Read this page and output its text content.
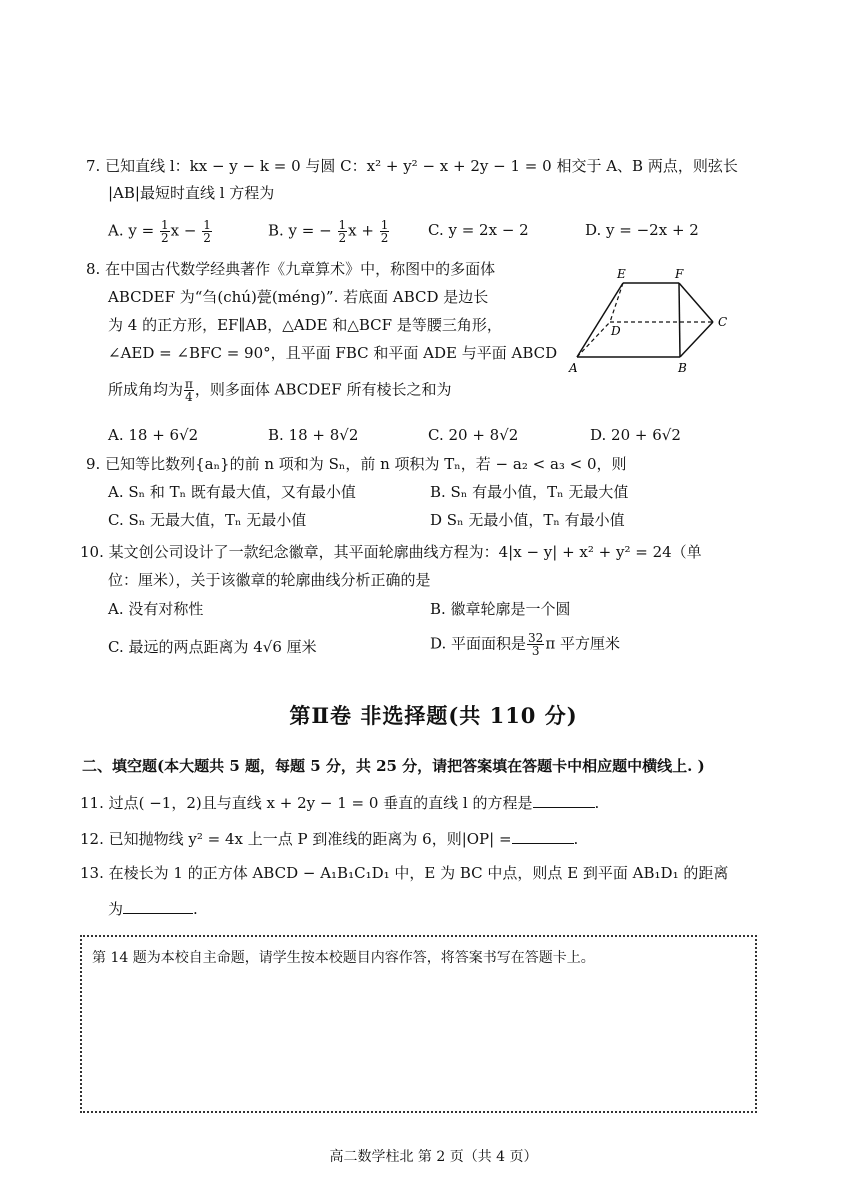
7. 已知直线 l：kx − y − k = 0 与圆 C：x² + y² − x + 2y − 1 = 0 相交于 A、B 两点，则弦长
|AB|最短时直线 l 方程为
A. $y = \frac{1}{2}$ $x - \frac{1}{2}$	B. y = − $\frac{1}{2}$ $x + \frac{1}{2}$	C. y = 2x − 2	D. y = −2x + 2
8. 在中国古代数学经典著作《九章算术》中，称图中的多面体
ABCDEF 为“刍(chú)甍(méng)”. 若底面 ABCD 是边长
为 4 的正方形，EF∥AB，△ADE 和△BCF 是等腰三角形，
∠AED = ∠BFC = 90°，且平面 FBC 和平面 ADE 与平面 ABCD
所成角均为 $\frac{\pi}{4}$ ，则多面体 ABCDEF 所有棱长之和为
E	F
D
C
A	B
A. 18 + 6√2	B. 18 + 8√2	C. 20 + 8√2	D. 20 + 6√2
9. 已知等比数列{aₙ}的前 n 项和为 Sₙ，前 n 项积为 Tₙ，若 − a₂ < a₃ < 0，则
A. Sₙ 和 Tₙ 既有最大值，又有最小值	B. Sₙ 有最小值，Tₙ 无最大值
C. Sₙ 无最大值，Tₙ 无最小值	D Sₙ 无最小值，Tₙ 有最小值
10. 某文创公司设计了一款纪念徽章，其平面轮廓曲线方程为：4|x − y| + x² + y² = 24（单
位：厘米），关于该徽章的轮廓曲线分析正确的是
A. 没有对称性	B. 徽章轮廓是一个圆
C. 最远的两点距离为 4√6 厘米	D. 平面面积是 $\frac{32}{3}$ π 平方厘米
第Ⅱ卷 非选择题(共 110 分)
二、填空题(本大题共 5 题，每题 5 分，共 25 分，请把答案填在答题卡中相应题中横线上. )
11. 过点( −1，2)且与直线 x + 2y − 1 = 0 垂直的直线 l 的方程是	.
12. 已知抛物线 y² = 4x 上一点 P 到准线的距离为 6，则|OP| =	.
13. 在棱长为 1 的正方体 ABCD − A₁B₁C₁D₁ 中，E 为 BC 中点，则点 E 到平面 AB₁D₁ 的距离
为	.
第 14 题为本校自主命题，请学生按本校题目内容作答，将答案书写在答题卡上。
高二数学柱北 第 2 页（共 4 页）
